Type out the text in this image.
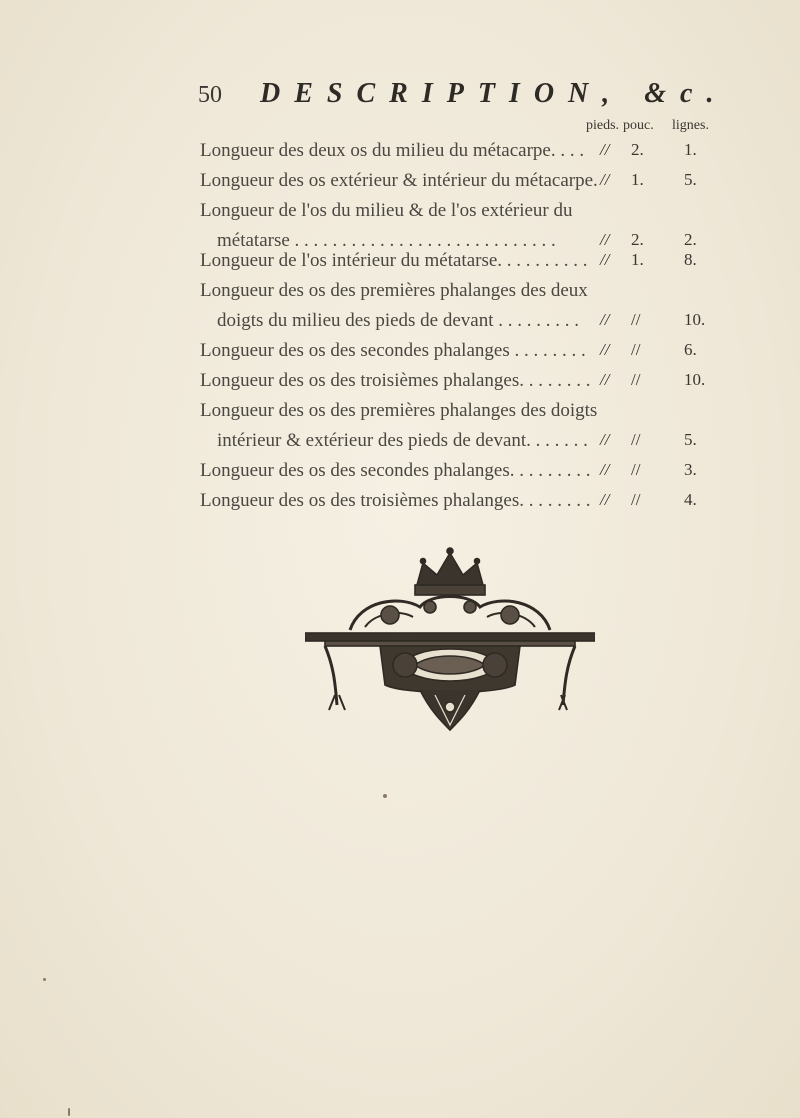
50 DESCRIPTION, &c.
pieds. pouc. lignes.
Longueur des deux os du milieu du métacarpe. . . . // 2. 1.
Longueur des os extérieur & intérieur du métacarpe. // 1. 5.
Longueur de l'os du milieu & de l'os extérieur du
métatarse . . . . . . . . . . . . . . . . . . . . . . . . . . . .	// 2. 2.
Longueur de l'os intérieur du métatarse. . . . . . . . . . // 1. 8.
Longueur des os des premières phalanges des deux
doigts du milieu des pieds de devant . . . . . . . . . // //	10.
Longueur des os des secondes phalanges . . . . . . . . // //	6.
Longueur des os des troisièmes phalanges. . . . . . . . // //	10.
Longueur des os des premières phalanges des doigts
intérieur & extérieur des pieds de devant. . . . . . . // //	5.
Longueur des os des secondes phalanges. . . . . . . . . // //	3.
Longueur des os des troisièmes phalanges. . . . . . . . // //	4.
